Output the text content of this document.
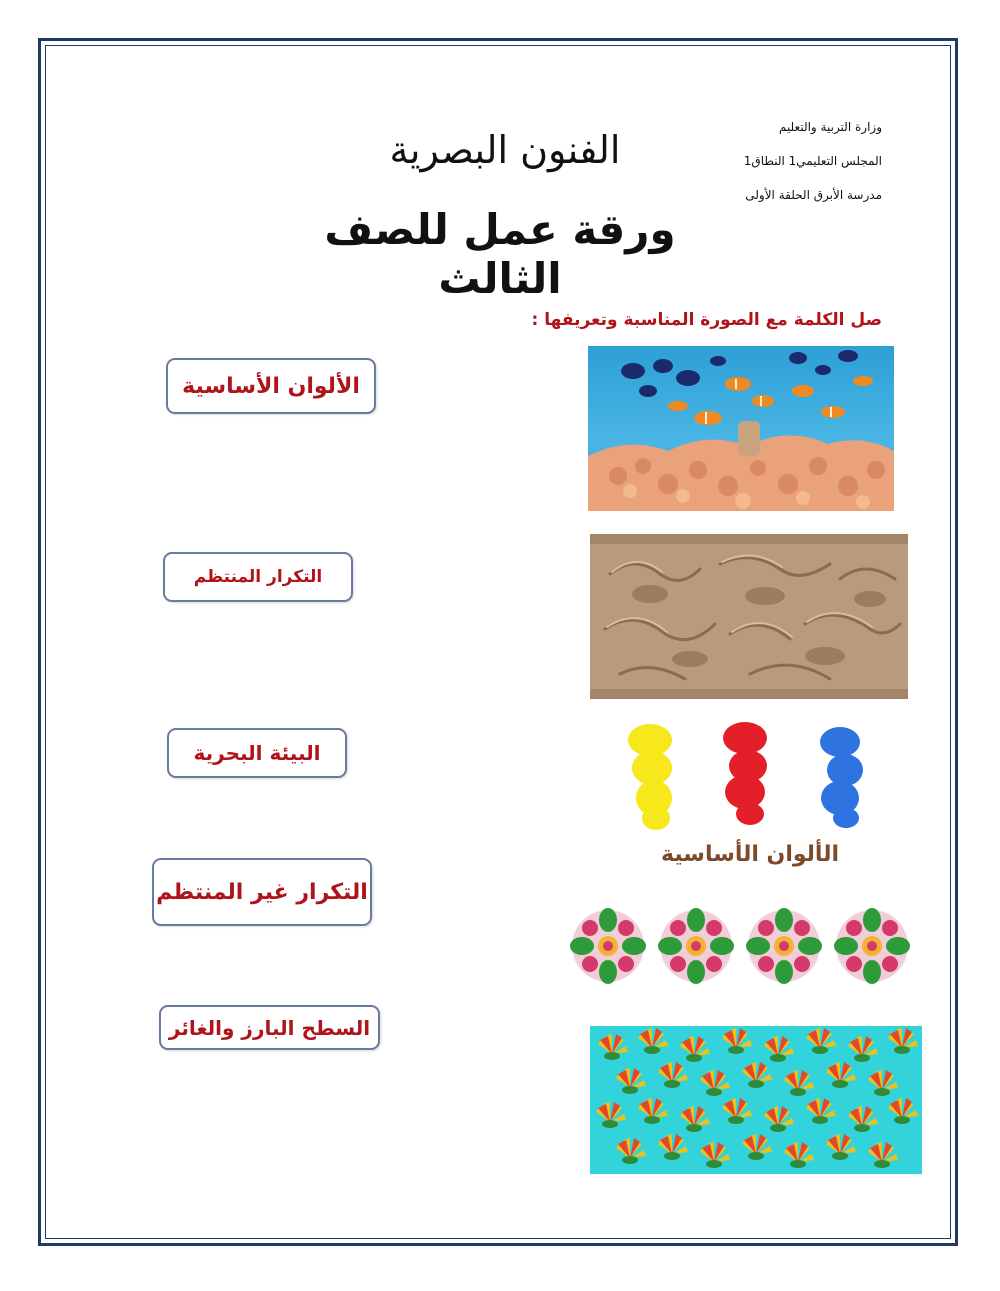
وزارة التربية والتعليم
المجلس التعليمي1 النطاق1
مدرسة الأبرق الحلقة الأولى
الفنون البصرية
ورقة عمل للصف الثالث
صل الكلمة مع الصورة المناسبة وتعريفها :
الألوان الأساسية
التكرار المنتظم
البيئة البحرية
التكرار غير المنتظم
السطح البارز والغائر
الألوان الأساسية
